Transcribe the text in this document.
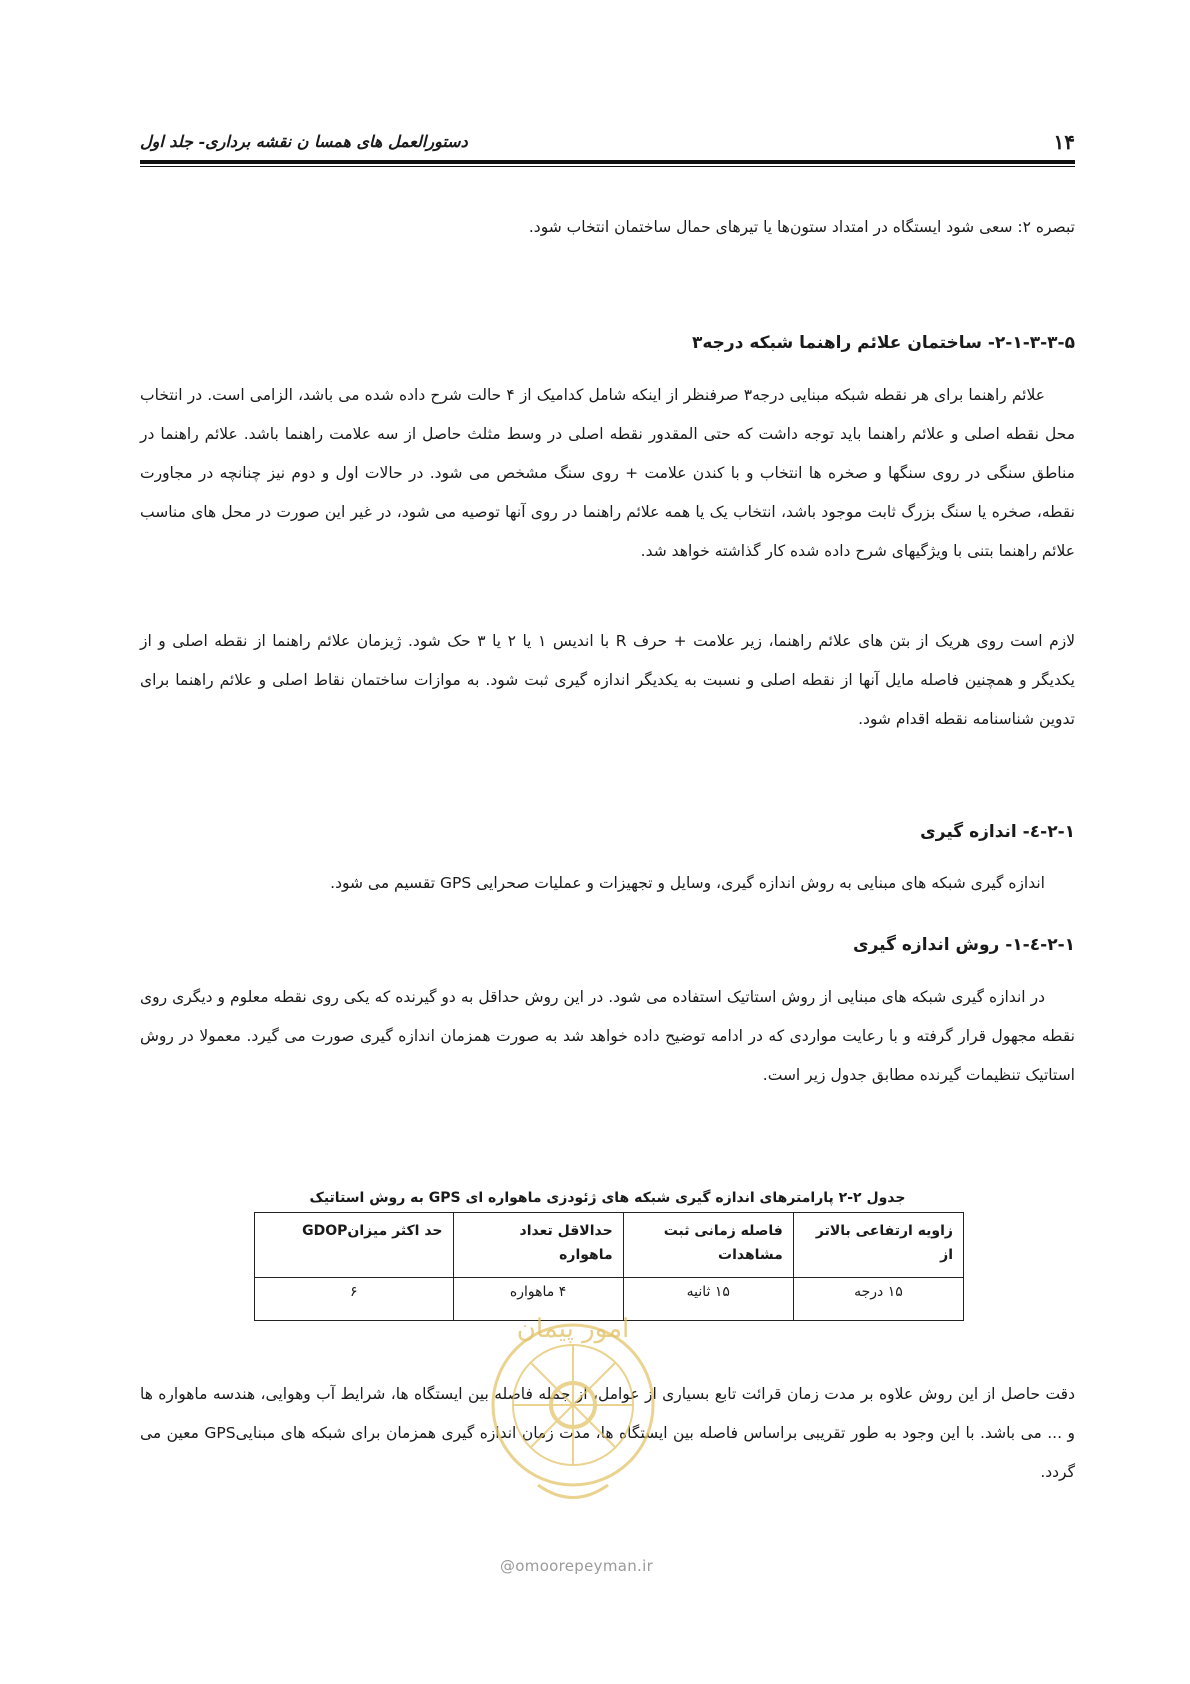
دستورالعمل های همسا ن نقشه برداری- جلد اول	۱۴
تبصره ۲: سعی شود ایستگاه در امتداد ستون‌ها یا تیرهای حمال ساختمان انتخاب شود.
۲-۱-۳-۳-۵- ساختمان علائم راهنما شبکه درجه۳
علائم راهنما برای هر نقطه شبکه مبنایی درجه۳ صرفنظر از اینکه شامل کدامیک از ۴ حالت شرح داده شده می باشد، الزامی است. در انتخاب محل نقطه اصلی و علائم راهنما باید توجه داشت که حتی المقدور نقطه اصلی در وسط مثلث حاصل از سه علامت راهنما باشد. علائم راهنما در مناطق سنگی در روی سنگها و صخره ها انتخاب و با کندن علامت + روی سنگ مشخص می شود. در حالات اول و دوم نیز چنانچه در مجاورت نقطه، صخره یا سنگ بزرگ ثابت موجود باشد، انتخاب یک یا همه علائم راهنما در روی آنها توصیه می شود، در غیر این صورت در محل های مناسب علائم راهنما بتنی با ویژگیهای شرح داده شده کار گذاشته خواهد شد.
لازم است روی هریک از بتن های علائم راهنما، زیر علامت + حرف R با اندیس ۱ یا ۲ یا ۳ حک شود. ژیزمان علائم راهنما از نقطه اصلی و از یکدیگر و همچنین فاصله مایل آنها از نقطه اصلی و نسبت به یکدیگر اندازه گیری ثبت شود. به موازات ساختمان نقاط اصلی و علائم راهنما برای تدوین شناسنامه نقطه اقدام شود.
۲-۱-٤- اندازه گیری
اندازه گیری شبکه های مبنایی به روش اندازه گیری، وسایل و تجهیزات و عملیات صحرایی GPS تقسیم می شود.
۲-۱-٤-۱- روش اندازه گیری
در اندازه گیری شبکه های مبنایی از روش استاتیک استفاده می شود. در این روش حداقل به دو گیرنده که یکی روی نقطه معلوم و دیگری روی نقطه مجهول قرار گرفته و با رعایت مواردی که در ادامه توضیح داده خواهد شد به صورت همزمان اندازه گیری صورت می گیرد. معمولا در روش استاتیک تنظیمات گیرنده مطابق جدول زیر است.
جدول ۲-۲ پارامترهای اندازه گیری شبکه های ژئودزی ماهواره ای GPS به روش استاتیک
زاویه ارتفاعی بالاتر از	فاصله زمانی ثبت مشاهدات	حدالاقل تعداد ماهواره	حد اکثر میزانGDOP
۱۵ درجه	۱۵ ثانیه	۴ ماهواره	۶
دقت حاصل از این روش علاوه بر مدت زمان قرائت تابع بسیاری از عوامل، از جمله فاصله بین ایستگاه ها، شرایط آب وهوایی، هندسه ماهواره ها و ... می باشد. با این وجود به طور تقریبی براساس فاصله بین ایستگاه ها، مدت زمان اندازه گیری همزمان برای شبکه های مبناییGPS معین می گردد.
امور پیمان
@omoorepeyman.ir
